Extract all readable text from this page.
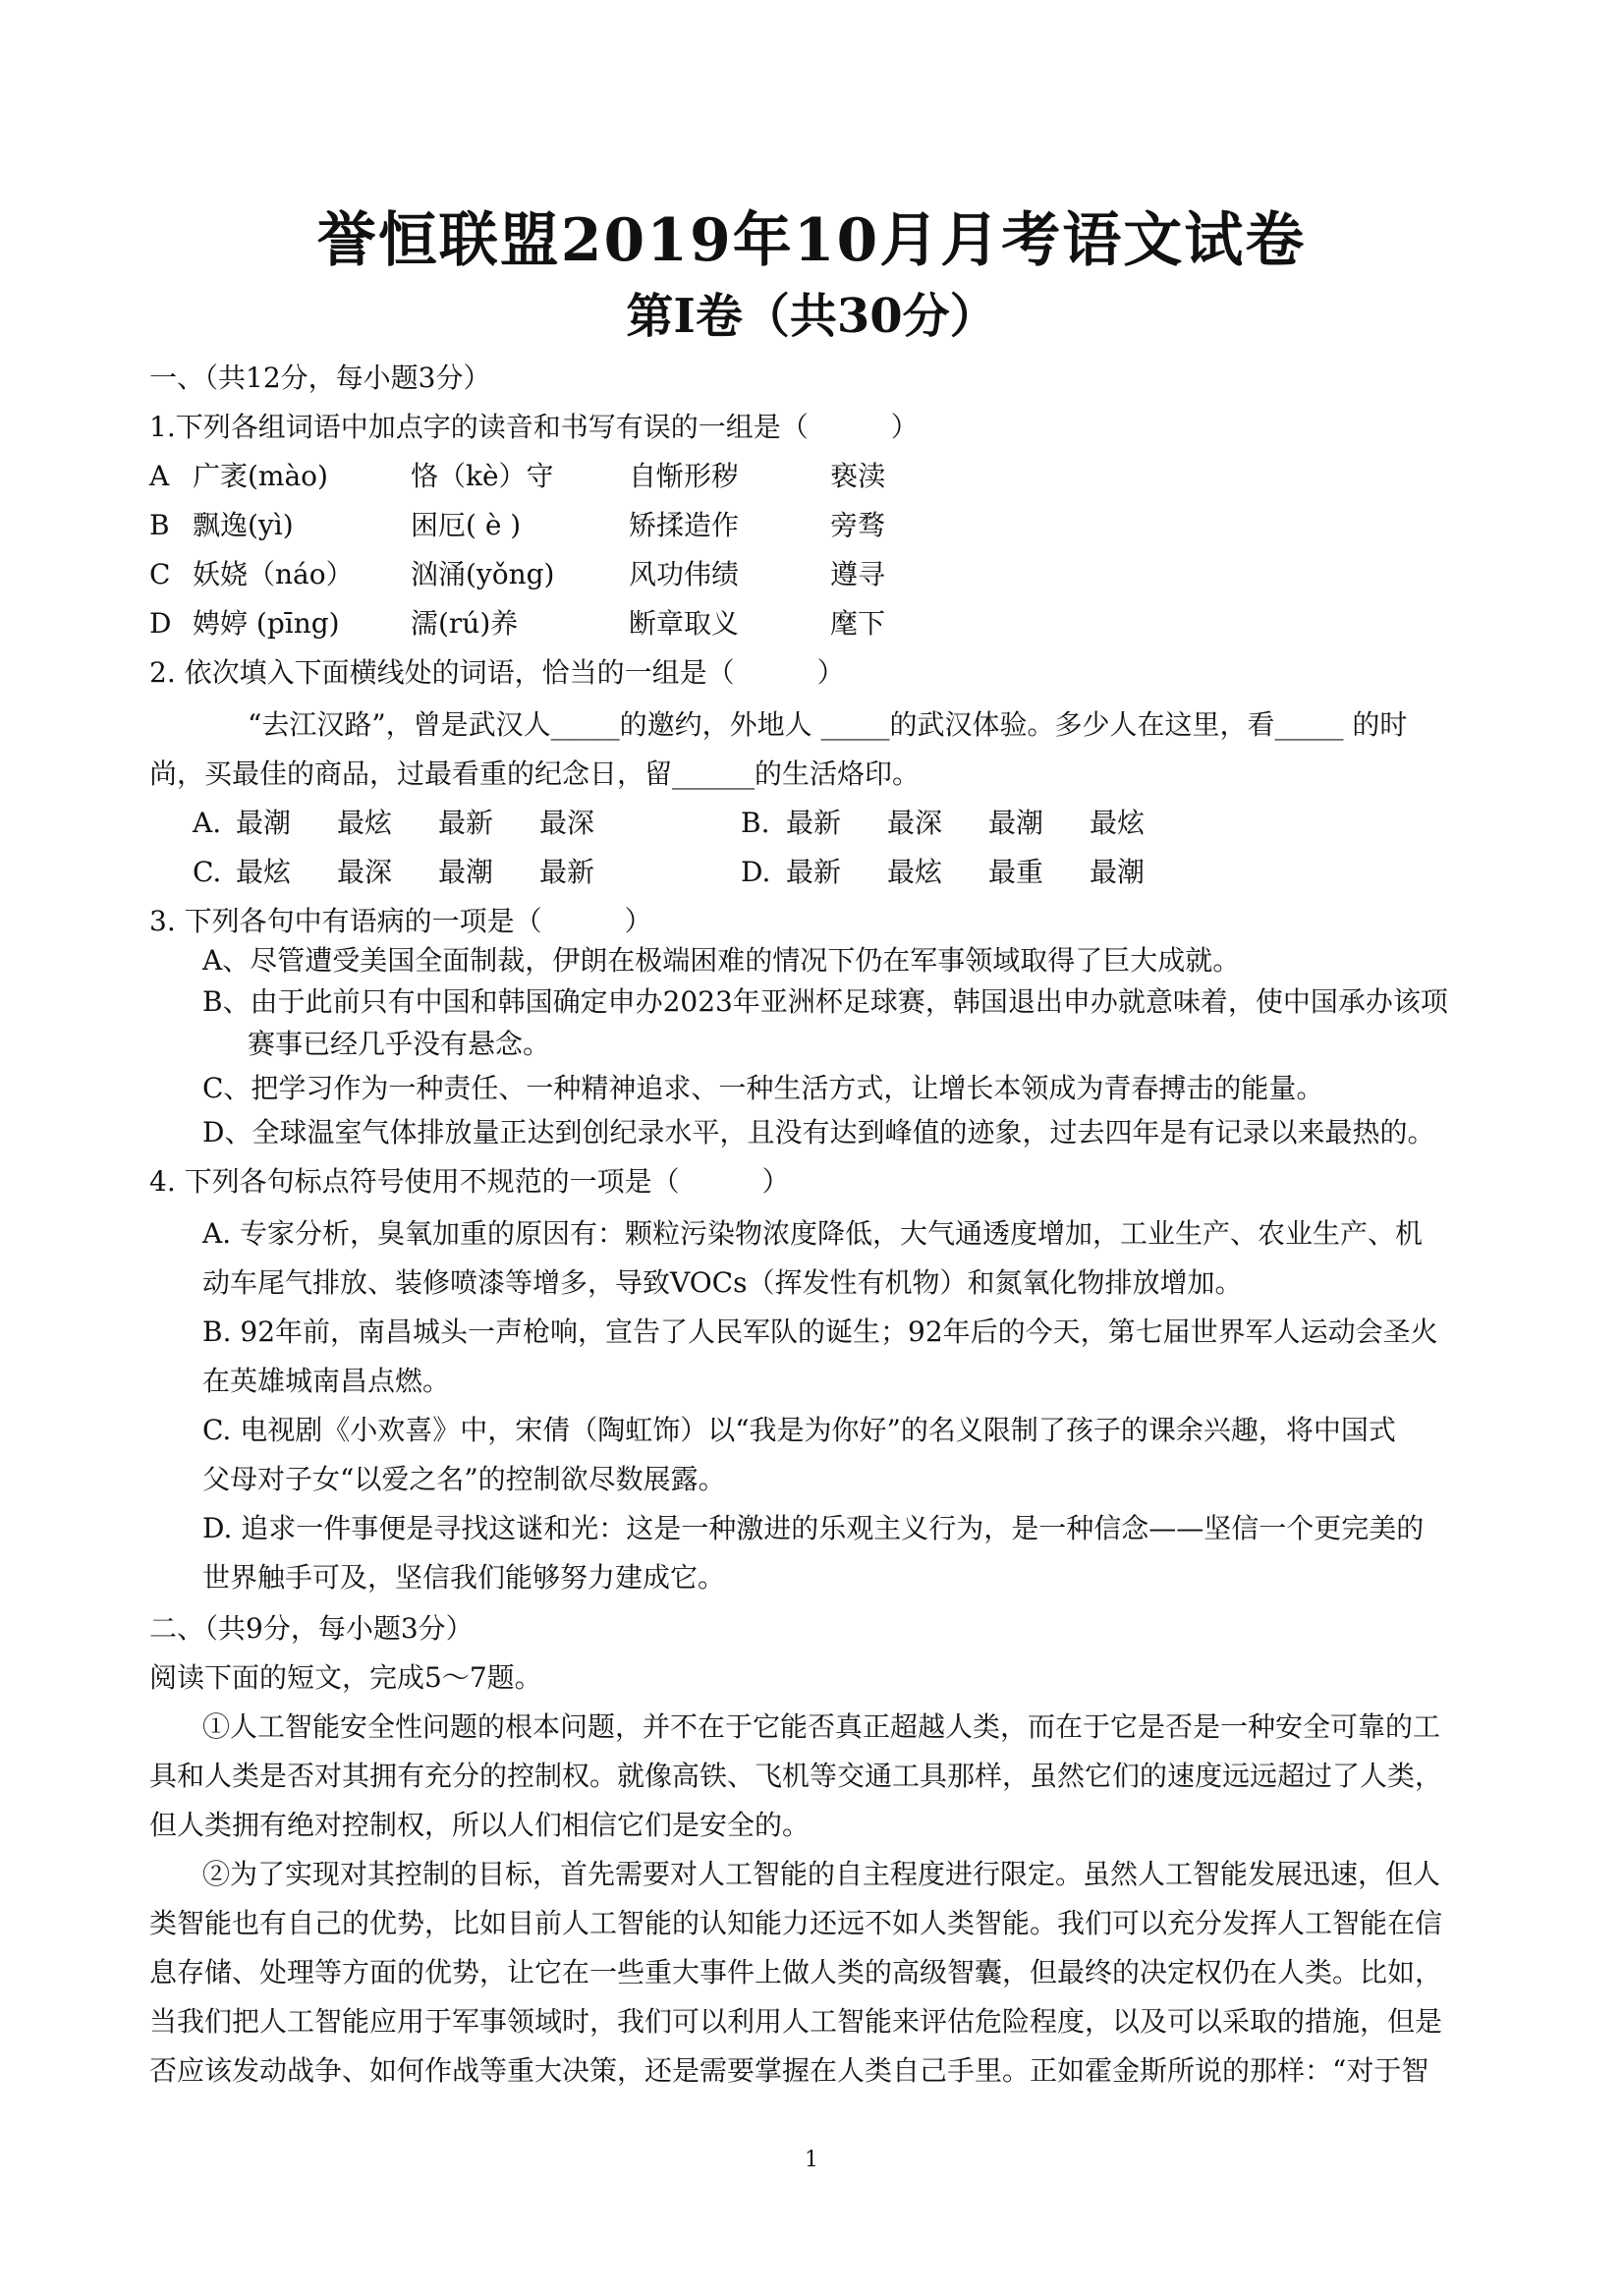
誉恒联盟2019年10月月考语文试卷
第Ⅰ卷（共30分）
一、（共12分，每小题3分）
1.下列各组词语中加点字的读音和书写有误的一组是（　　　）
A 广袤(mào)	恪（kè）守	自惭形秽	亵渎
B 飘逸(yì)	困厄( è )	矫揉造作	旁骛
C 妖娆（náo） 汹涌(yǒng)	风功伟绩	遵寻
D 娉婷 (pīng)	濡(rú)养	断章取义	麾下
2. 依次填入下面横线处的词语，恰当的一组是（　　　）
“去江汉路”，曾是武汉人_____的邀约，外地人 _____的武汉体验。多少人在这里，看_____ 的时
尚，买最佳的商品，过最看重的纪念日，留______的生活烙印。
A. 最潮 最炫 最新 最深	B. 最新 最深 最潮 最炫
C. 最炫 最深 最潮 最新	D. 最新 最炫 最重 最潮
3. 下列各句中有语病的一项是（　　　）
A、尽管遭受美国全面制裁，伊朗在极端困难的情况下仍在军事领域取得了巨大成就。
B、由于此前只有中国和韩国确定申办2023年亚洲杯足球赛，韩国退出申办就意味着，使中国承办该项
赛事已经几乎没有悬念。
C、把学习作为一种责任、一种精神追求、一种生活方式，让增长本领成为青春搏击的能量。
D、全球温室气体排放量正达到创纪录水平，且没有达到峰值的迹象，过去四年是有记录以来最热的。
4. 下列各句标点符号使用不规范的一项是（　　　）
A. 专家分析，臭氧加重的原因有：颗粒污染物浓度降低，大气通透度增加，工业生产、农业生产、机
动车尾气排放、装修喷漆等增多，导致VOCs（挥发性有机物）和氮氧化物排放增加。
B. 92年前，南昌城头一声枪响，宣告了人民军队的诞生；92年后的今天，第七届世界军人运动会圣火
在英雄城南昌点燃。
C. 电视剧《小欢喜》中，宋倩（陶虹饰）以“我是为你好”的名义限制了孩子的课余兴趣，将中国式
父母对子女“以爱之名”的控制欲尽数展露。
D. 追求一件事便是寻找这谜和光：这是一种激进的乐观主义行为，是一种信念——坚信一个更完美的
世界触手可及，坚信我们能够努力建成它。
二、（共9分，每小题3分）
阅读下面的短文，完成5～7题。
①人工智能安全性问题的根本问题，并不在于它能否真正超越人类，而在于它是否是一种安全可靠的工
具和人类是否对其拥有充分的控制权。就像高铁、飞机等交通工具那样，虽然它们的速度远远超过了人类，
但人类拥有绝对控制权，所以人们相信它们是安全的。
②为了实现对其控制的目标，首先需要对人工智能的自主程度进行限定。虽然人工智能发展迅速，但人
类智能也有自己的优势，比如目前人工智能的认知能力还远不如人类智能。我们可以充分发挥人工智能在信
息存储、处理等方面的优势，让它在一些重大事件上做人类的高级智囊，但最终的决定权仍在人类。比如，
当我们把人工智能应用于军事领域时，我们可以利用人工智能来评估危险程度，以及可以采取的措施，但是
否应该发动战争、如何作战等重大决策，还是需要掌握在人类自己手里。正如霍金斯所说的那样：“对于智
1
